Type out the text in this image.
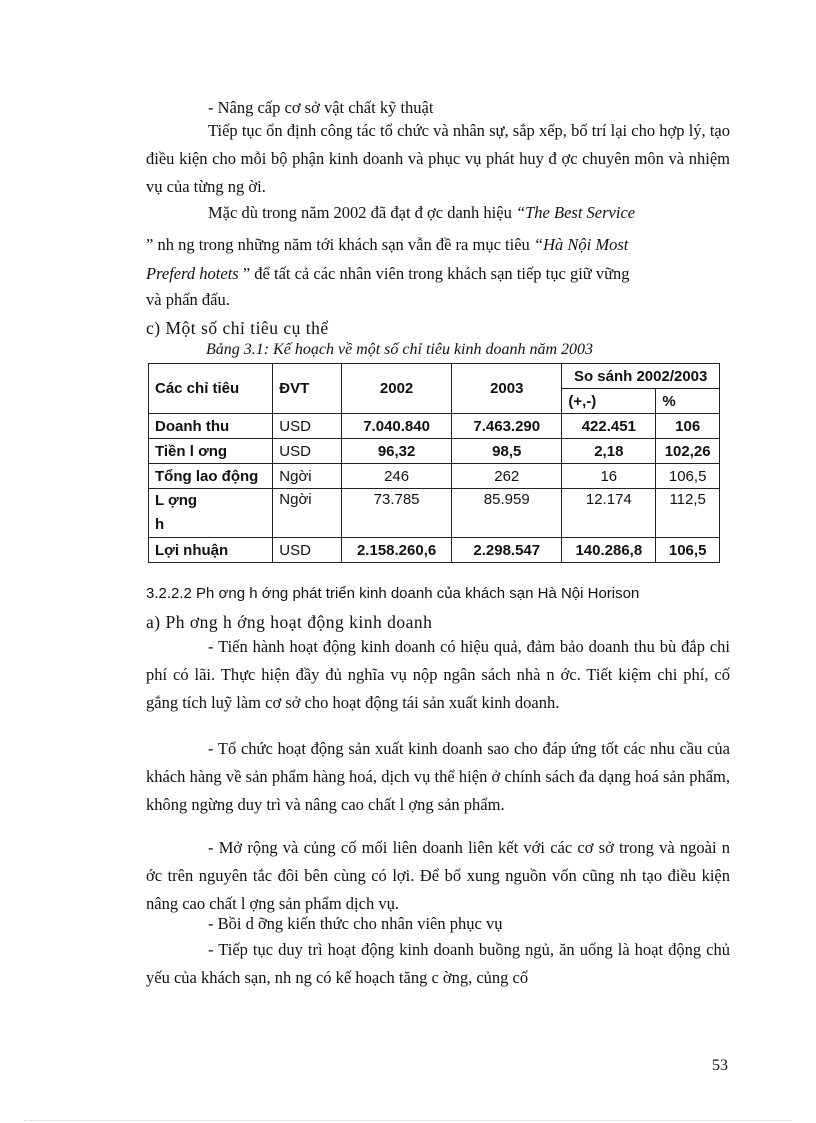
- Nâng cấp cơ sở vật chất kỹ thuật

Tiếp tục ổn định công tác tổ chức và nhân sự, sắp xếp, bố trí lại cho hợp lý, tạo điều kiện cho mỗi bộ phận kinh doanh và phục vụ phát huy đ ợc chuyên môn và nhiệm vụ của từng ng ời.

Mặc dù trong năm 2002 đã đạt đ ợc danh hiệu “The Best Service
” nh ng trong những năm tới khách sạn vẫn đề ra mục tiêu “Hà Nội Most
Preferd hotets ” để tất cả các nhân viên trong khách sạn tiếp tục giữ vững
và phấn đấu.
c) Một số chỉ tiêu cụ thể
Bảng 3.1: Kế hoạch về một số chỉ tiêu kinh doanh năm 2003
Các chỉ tiêu	ĐVT	2002	2003	So sánh 2002/2003	
				(+,-)	%
Doanh thu	USD	7.040.840	7.463.290	422.451	106
Tiền l ơng	USD	96,32	98,5	2,18	102,26
Tổng lao động	Ngời	246	262	16	106,5

L ợng
h	Ngời	73.785	85.959	12.174	112,5
Lợi nhuận	USD	2.158.260,6	2.298.547	140.286,8	106,5
3.2.2.2 Ph ơng h ớng phát triển kinh doanh của khách sạn Hà Nội Horison
a) Ph ơng h ớng hoạt động kinh doanh

- Tiến hành hoạt động kinh doanh có hiệu quả, đảm bảo doanh thu bù đắp chi phí có lãi. Thực hiện đầy đủ nghĩa vụ nộp ngân sách nhà n ớc. Tiết kiệm chi phí, cố gắng tích luỹ làm cơ sở cho hoạt động tái sản xuất kinh doanh.

- Tổ chức hoạt động sản xuất kinh doanh sao cho đáp ứng tốt các nhu cầu của khách hàng về sản phẩm hàng hoá, dịch vụ thể hiện ở chính sách đa dạng hoá sản phẩm, không ngừng duy trì và nâng cao chất l ợng sản phẩm.

- Mở rộng và củng cố mối liên doanh liên kết với các cơ sở trong và ngoài n ớc trên nguyên tắc đôi bên cùng có lợi. Để bổ xung nguồn vốn cũng nh tạo điều kiện nâng cao chất l ợng sản phẩm dịch vụ.

- Bồi d ỡng kiến thức cho nhân viên phục vụ

- Tiếp tục duy trì hoạt động kinh doanh buồng ngủ, ăn uống là hoạt động chủ yếu của khách sạn, nh ng có kế hoạch tăng c ờng, củng cố

53
